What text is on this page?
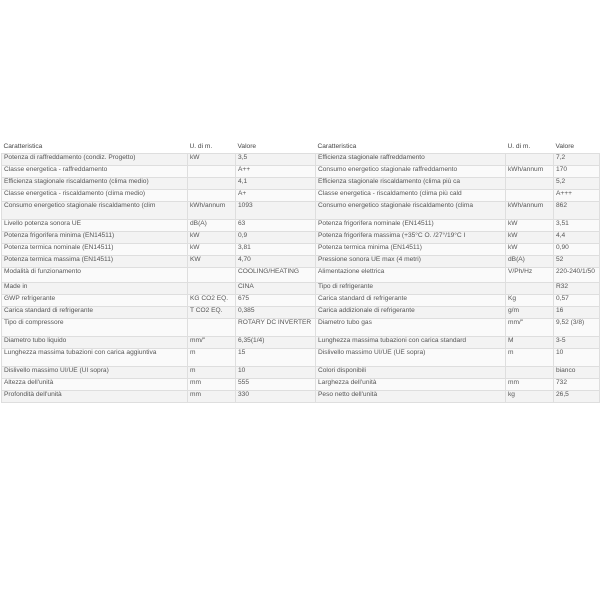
Caratteristica	U. di m.	Valore	Caratteristica	U. di m.	Valore
Potenza di raffreddamento (condiz. Progetto)	kW	3,5	Efficienza stagionale raffreddamento		7,2
Classe energetica - raffreddamento		A++	Consumo energetico stagionale raffreddamento	kWh/annum	170
Efficienza stagionale riscaldamento (clima medio)		4,1	Efficienza stagionale riscaldamento (clima più ca		5,2
Classe energetica - riscaldamento (clima medio)		A+	Classe energetica - riscaldamento (clima più cald		A+++
Consumo energetico stagionale riscaldamento (clim	kWh/annum	1093	Consumo energetico stagionale riscaldamento (clima	kWh/annum	862
Livello potenza sonora UE	dB(A)	63	Potenza frigorifera nominale (EN14511)	kW	3,51
Potenza frigorifera minima (EN14511)	kW	0,9	Potenza frigorifera massima (+35°C O. /27°/19°C I	kW	4,4
Potenza termica nominale (EN14511)	kW	3,81	Potenza termica minima (EN14511)	kW	0,90
Potenza termica massima (EN14511)	KW	4,70	Pressione sonora UE max (4 metri)	dB(A)	52
Modalità di funzionamento		COOLING/HEATING	Alimentazione elettrica	V/Ph/Hz	220-240/1/50
Made in		CINA	Tipo di refrigerante		R32
GWP refrigerante	KG CO2 EQ.	675	Carica standard di refrigerante	Kg	0,57
Carica standard di refrigerante	T CO2 EQ.	0,385	Carica addizionale di refrigerante	g/m	16
Tipo di compressore		ROTARY DC INVERTER	Diametro tubo gas	mm/"	9,52 (3/8)
Diametro tubo liquido	mm/"	6,35(1/4)	Lunghezza massima tubazioni con carica standard	M	3-5
Lunghezza massima tubazioni con carica aggiuntiva	m	15	Dislivello massimo UI/UE (UE sopra)	m	10
Dislivello massimo UI/UE (UI sopra)	m	10	Colori disponibili		bianco
Altezza dell'unità	mm	555	Larghezza dell'unità	mm	732
Profondità dell'unità	mm	330	Peso netto dell'unità	kg	26,5
